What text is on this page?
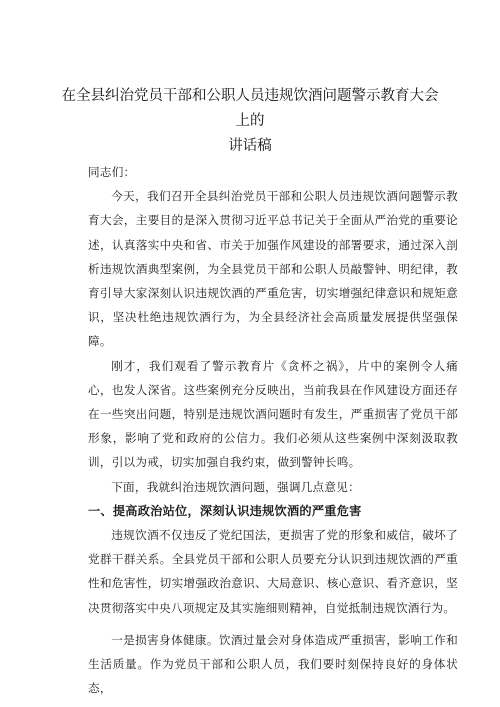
在全县纠治党员干部和公职人员违规饮酒问题警示教育大会上的
讲话稿

同志们：

今天，我们召开全县纠治党员干部和公职人员违规饮酒问题警示教育大会，主要目的是深入贯彻习近平总书记关于全面从严治党的重要论述，认真落实中央和省、市关于加强作风建设的部署要求，通过深入剖析违规饮酒典型案例，为全县党员干部和公职人员敲警钟、明纪律，教育引导大家深刻认识违规饮酒的严重危害，切实增强纪律意识和规矩意识，坚决杜绝违规饮酒行为，为全县经济社会高质量发展提供坚强保障。

刚才，我们观看了警示教育片《贪杯之祸》，片中的案例令人痛心，也发人深省。这些案例充分反映出，当前我县在作风建设方面还存在一些突出问题，特别是违规饮酒问题时有发生，严重损害了党员干部形象，影响了党和政府的公信力。我们必须从这些案例中深刻汲取教训，引以为戒，切实加强自我约束，做到警钟长鸣。

下面，我就纠治违规饮酒问题，强调几点意见：

一、提高政治站位，深刻认识违规饮酒的严重危害

违规饮酒不仅违反了党纪国法，更损害了党的形象和威信，破坏了党群干群关系。全县党员干部和公职人员要充分认识到违规饮酒的严重性和危害性，切实增强政治意识、大局意识、核心意识、看齐意识，坚决贯彻落实中央八项规定及其实施细则精神，自觉抵制违规饮酒行为。

一是损害身体健康。饮酒过量会对身体造成严重损害，影响工作和生活质量。作为党员干部和公职人员，我们要时刻保持良好的身体状态，
